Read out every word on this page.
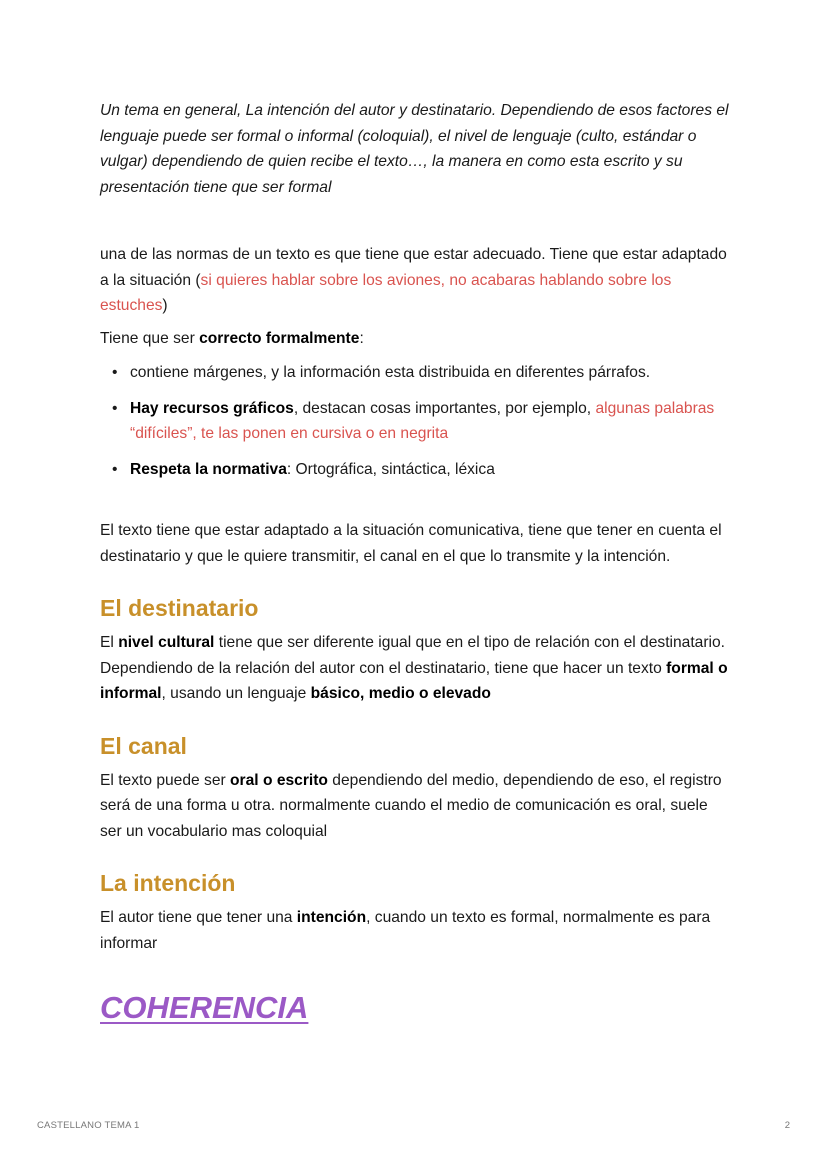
Un tema en general, La intención del autor y destinatario. Dependiendo de esos factores el lenguaje puede ser formal o informal (coloquial), el nivel de lenguaje (culto, estándar o vulgar) dependiendo de quien recibe el texto…, la manera en como esta escrito y su presentación tiene que ser formal

una de las normas de un texto es que tiene que estar adecuado. Tiene que estar adaptado a la situación (si quieres hablar sobre los aviones, no acabaras hablando sobre los estuches)

Tiene que ser correcto formalmente:

• contiene márgenes, y la información esta distribuida en diferentes párrafos.
• Hay recursos gráficos, destacan cosas importantes, por ejemplo, algunas palabras “difíciles”, te las ponen en cursiva o en negrita
• Respeta la normativa: Ortográfica, sintáctica, léxica

El texto tiene que estar adaptado a la situación comunicativa, tiene que tener en cuenta el destinatario y que le quiere transmitir, el canal en el que lo transmite y la intención.

El destinatario

El nivel cultural tiene que ser diferente igual que en el tipo de relación con el destinatario. Dependiendo de la relación del autor con el destinatario, tiene que hacer un texto formal o informal, usando un lenguaje básico, medio o elevado

El canal

El texto puede ser oral o escrito dependiendo del medio, dependiendo de eso, el registro será de una forma u otra. normalmente cuando el medio de comunicación es oral, suele ser un vocabulario mas coloquial

La intención

El autor tiene que tener una intención, cuando un texto es formal, normalmente es para informar

COHERENCIA
CASTELLANO TEMA 1	2
